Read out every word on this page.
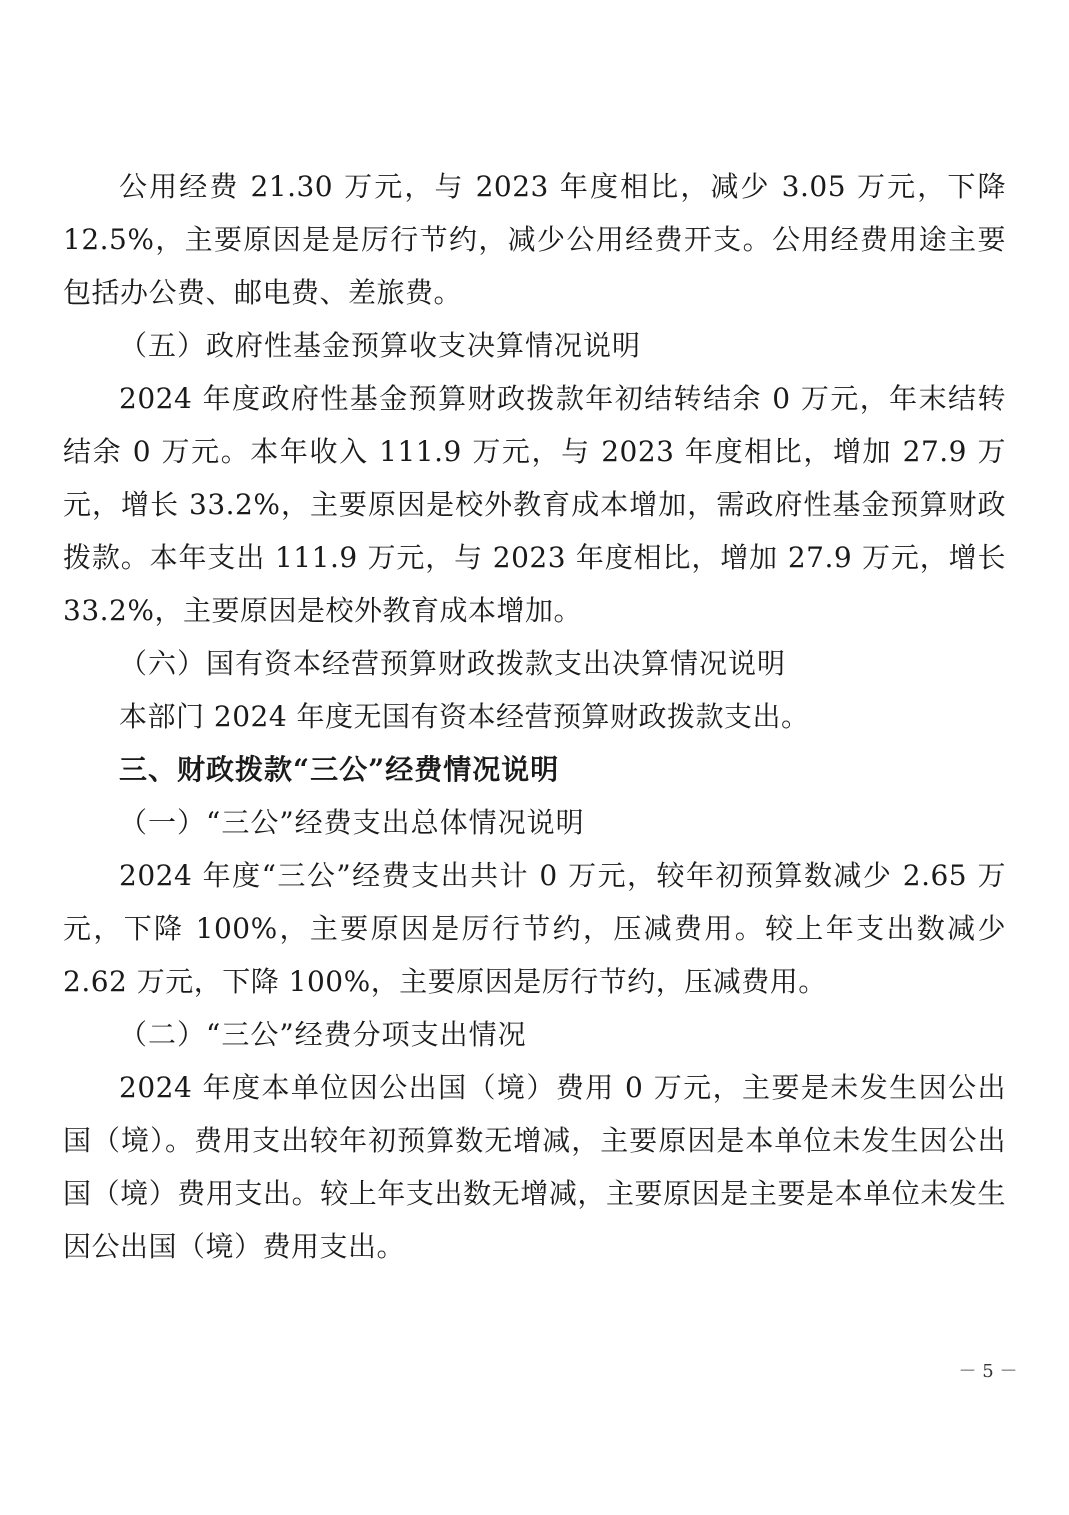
公用经费 21.30 万元，与 2023 年度相比，减少 3.05 万元，下降 12.5%，主要原因是是厉行节约，减少公用经费开支。公用经费用途主要包括办公费、邮电费、差旅费。

（五）政府性基金预算收支决算情况说明

2024 年度政府性基金预算财政拨款年初结转结余 0 万元，年末结转结余 0 万元。本年收入 111.9 万元，与 2023 年度相比，增加 27.9 万元，增长 33.2%，主要原因是校外教育成本增加，需政府性基金预算财政拨款。本年支出 111.9 万元，与 2023 年度相比，增加 27.9 万元，增长 33.2%，主要原因是校外教育成本增加。

（六）国有资本经营预算财政拨款支出决算情况说明

本部门 2024 年度无国有资本经营预算财政拨款支出。

三、财政拨款“三公”经费情况说明

（一）“三公”经费支出总体情况说明

2024 年度“三公”经费支出共计 0 万元，较年初预算数减少 2.65 万元，下降 100%，主要原因是厉行节约，压减费用。较上年支出数减少 2.62 万元，下降 100%，主要原因是厉行节约，压减费用。

（二）“三公”经费分项支出情况

2024 年度本单位因公出国（境）费用 0 万元，主要是未发生因公出国（境）。费用支出较年初预算数无增减，主要原因是本单位未发生因公出国（境）费用支出。较上年支出数无增减，主要原因是主要是本单位未发生因公出国（境）费用支出。

－ 5 －
